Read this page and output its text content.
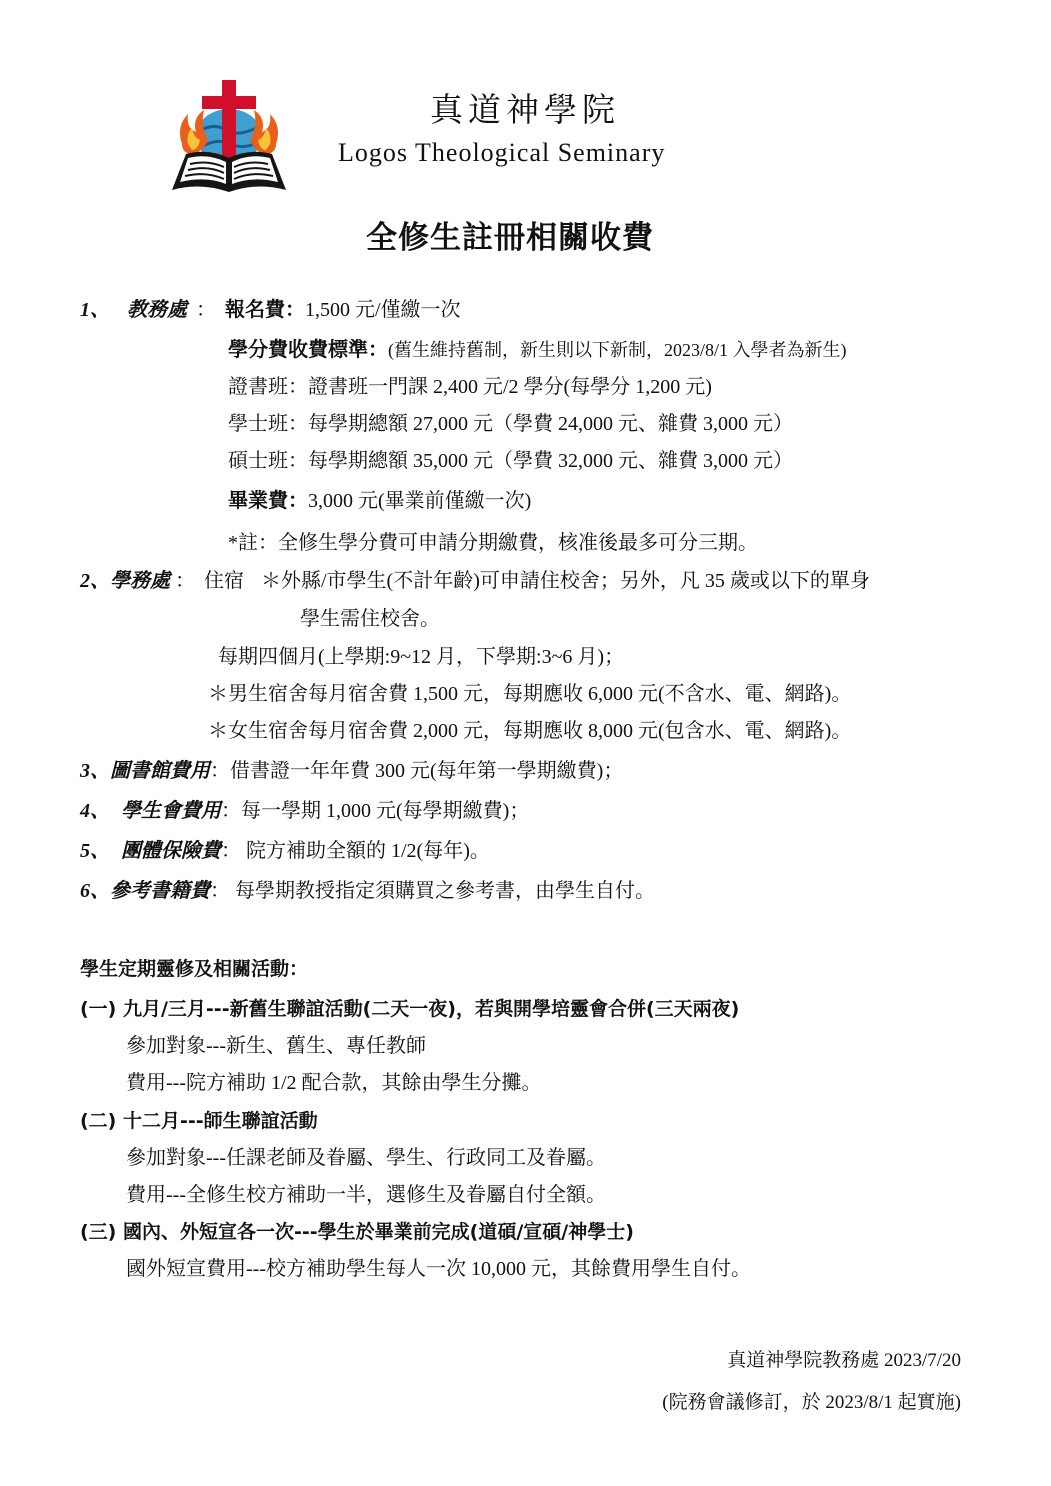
真道神學院
Logos Theological Seminary
全修生註冊相關收費
1、 教務處 ： 報名費：1,500 元/僅繳一次
學分費收費標準：(舊生維持舊制，新生則以下新制，2023/8/1 入學者為新生)
證書班：證書班一門課 2,400 元/2 學分(每學分 1,200 元)
學士班：每學期總額 27,000 元（學費 24,000 元、雜費 3,000 元）
碩士班：每學期總額 35,000 元（學費 32,000 元、雜費 3,000 元）
畢業費：3,000 元(畢業前僅繳一次)
*註：全修生學分費可申請分期繳費，核准後最多可分三期。
2、學務處 ： 住宿 ＊外縣/市學生(不計年齡)可申請住校舍；另外，凡 35 歲或以下的單身
學生需住校舍。
每期四個月(上學期:9~12 月，下學期:3~6 月)；
＊男生宿舍每月宿舍費 1,500 元，每期應收 6,000 元(不含水、電、網路)。
＊女生宿舍每月宿舍費 2,000 元，每期應收 8,000 元(包含水、電、網路)。
3、圖書館費用：借書證一年年費 300 元(每年第一學期繳費)；
4、 學生會費用：每一學期 1,000 元(每學期繳費)；
5、 團體保險費： 院方補助全額的 1/2(每年)。
6、參考書籍費： 每學期教授指定須購買之參考書，由學生自付。
學生定期靈修及相關活動：
(一) 九月/三月---新舊生聯誼活動(二天一夜)，若與開學培靈會合併(三天兩夜)
參加對象---新生、舊生、專任教師
費用---院方補助 1/2 配合款，其餘由學生分攤。
(二) 十二月---師生聯誼活動
參加對象---任課老師及眷屬、學生、行政同工及眷屬。
費用---全修生校方補助一半，選修生及眷屬自付全額。
(三) 國內、外短宣各一次---學生於畢業前完成(道碩/宣碩/神學士)
國外短宣費用---校方補助學生每人一次 10,000 元，其餘費用學生自付。
真道神學院教務處 2023/7/20
(院務會議修訂，於 2023/8/1 起實施)
